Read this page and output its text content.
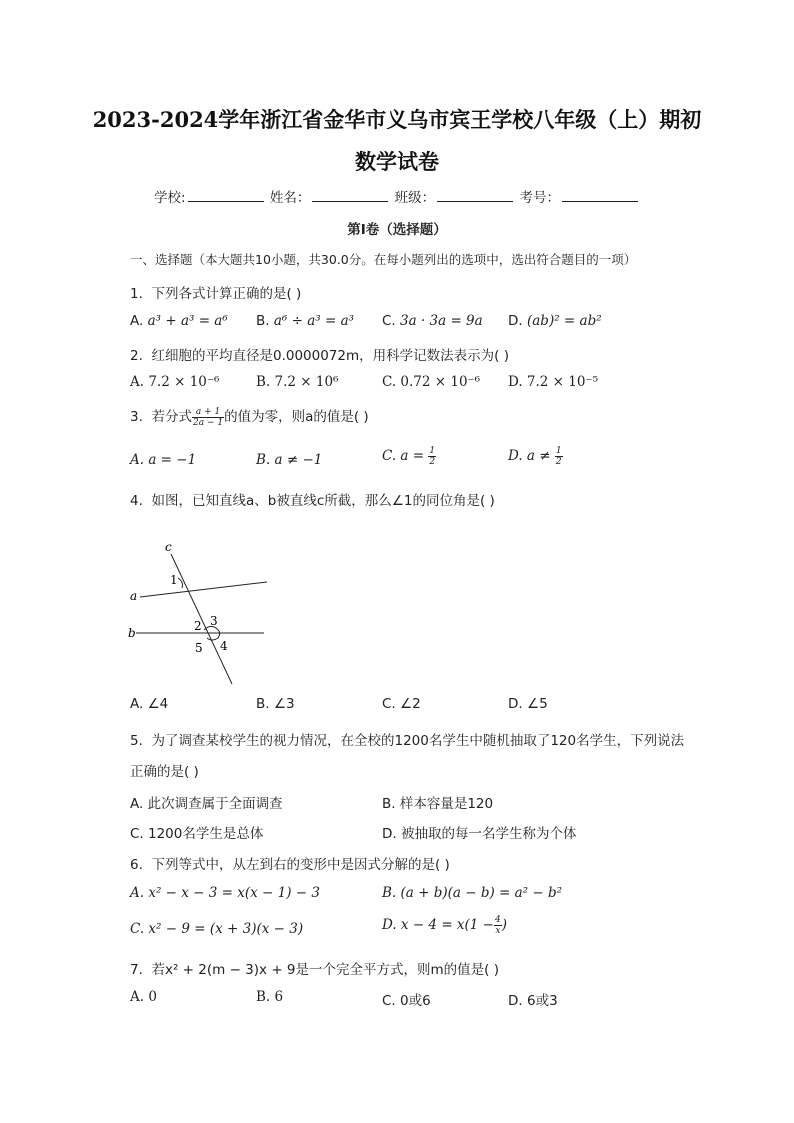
2023-2024学年浙江省金华市义乌市宾王学校八年级（上）期初
数学试卷
学校:	姓名：	班级：	考号：
第Ⅰ卷（选择题）
一、选择题（本大题共10小题，共30.0分。在每小题列出的选项中，选出符合题目的一项）
1. 下列各式计算正确的是( )
A. a³ + a³ = a⁶ B. a⁶ ÷ a³ = a³ C. 3a · 3a = 9a D. (ab)² = ab²
2. 红细胞的平均直径是0.0000072m，用科学记数法表示为( )
A. 7.2 × 10⁻⁶	B. 7.2 × 10⁶	C. 0.72 × 10⁻⁶ D. 7.2 × 10⁻⁵
3. 若分式 $\frac{a + 1}{2a - 1}$ 的值为零，则a的值是( )
A. a = −1	B. a ≠ −1	C. $a = \frac{1}{2}$	D. $a \ne \frac{1}{2}$
4. 如图，已知直线a、b被直线c所截，那么∠1的同位角是( )
c
a
b
1
2 3
4
5
A. ∠4	B. ∠3	C. ∠2	D. ∠5
5. 为了调查某校学生的视力情况，在全校的1200名学生中随机抽取了120名学生，下列说法
正确的是( )
A. 此次调查属于全面调查	B. 样本容量是120
C. 1200名学生是总体	D. 被抽取的每一名学生称为个体
6. 下列等式中，从左到右的变形中是因式分解的是( )
A. x² − x − 3 = x(x − 1) − 3	B. (a + b)(a − b) = a² − b²
C. x² − 9 = (x + 3)(x − 3)	D. $x - 4 = x(1 - \frac{4}{x}$ )
7. 若x² + 2(m − 3)x + 9是一个完全平方式，则m的值是( )
A. 0	B. 6	C. 0或6	D. 6或3
